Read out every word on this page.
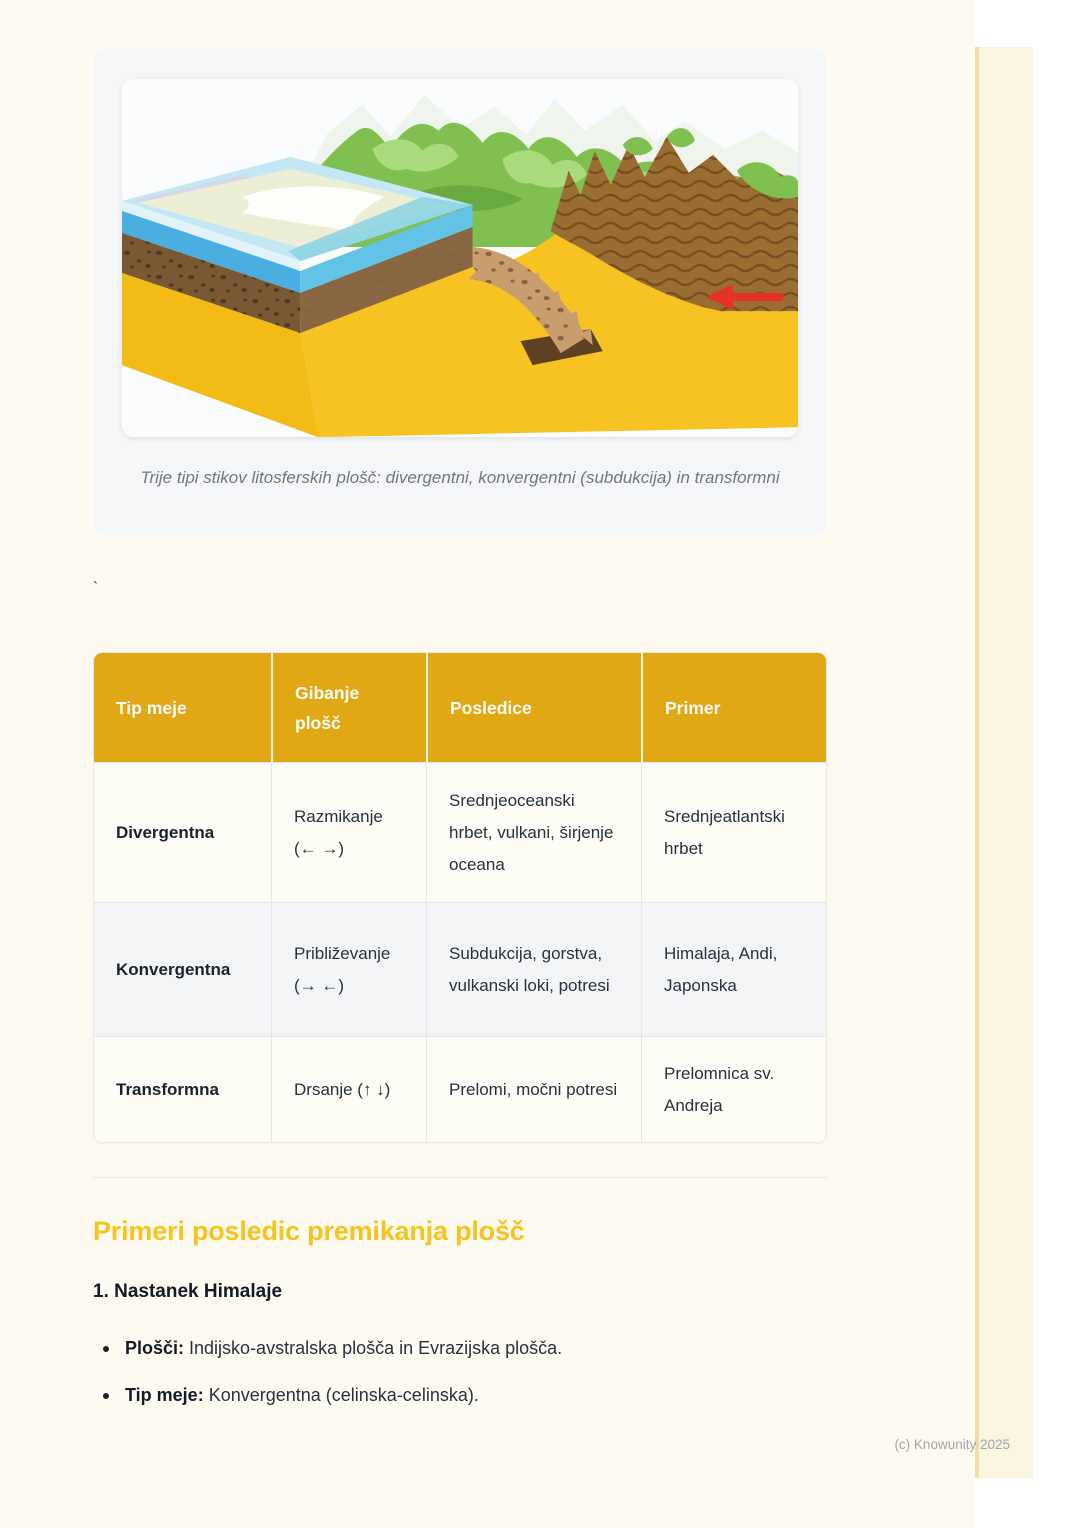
Trije tipi stikov litosferskih plošč: divergentni, konvergentni (subdukcija) in transformni
`
Tip meje	Gibanje plošč	Posledice	Primer
Divergentna	Razmikanje (← →)	Srednjeoceanski hrbet, vulkani, širjenje oceana	Srednjeatlantski hrbet
Konvergentna	Približevanje (→ ←)	Subdukcija, gorstva, vulkanski loki, potresi	Himalaja, Andi, Japonska
Transformna	Drsanje (↑ ↓)	Prelomi, močni potresi	Prelomnica sv. Andreja
Primeri posledic premikanja plošč
1. Nastanek Himalaje
Plošči: Indijsko-avstralska plošča in Evrazijska plošča.
Tip meje: Konvergentna (celinska-celinska).
(c) Knowunity 2025
